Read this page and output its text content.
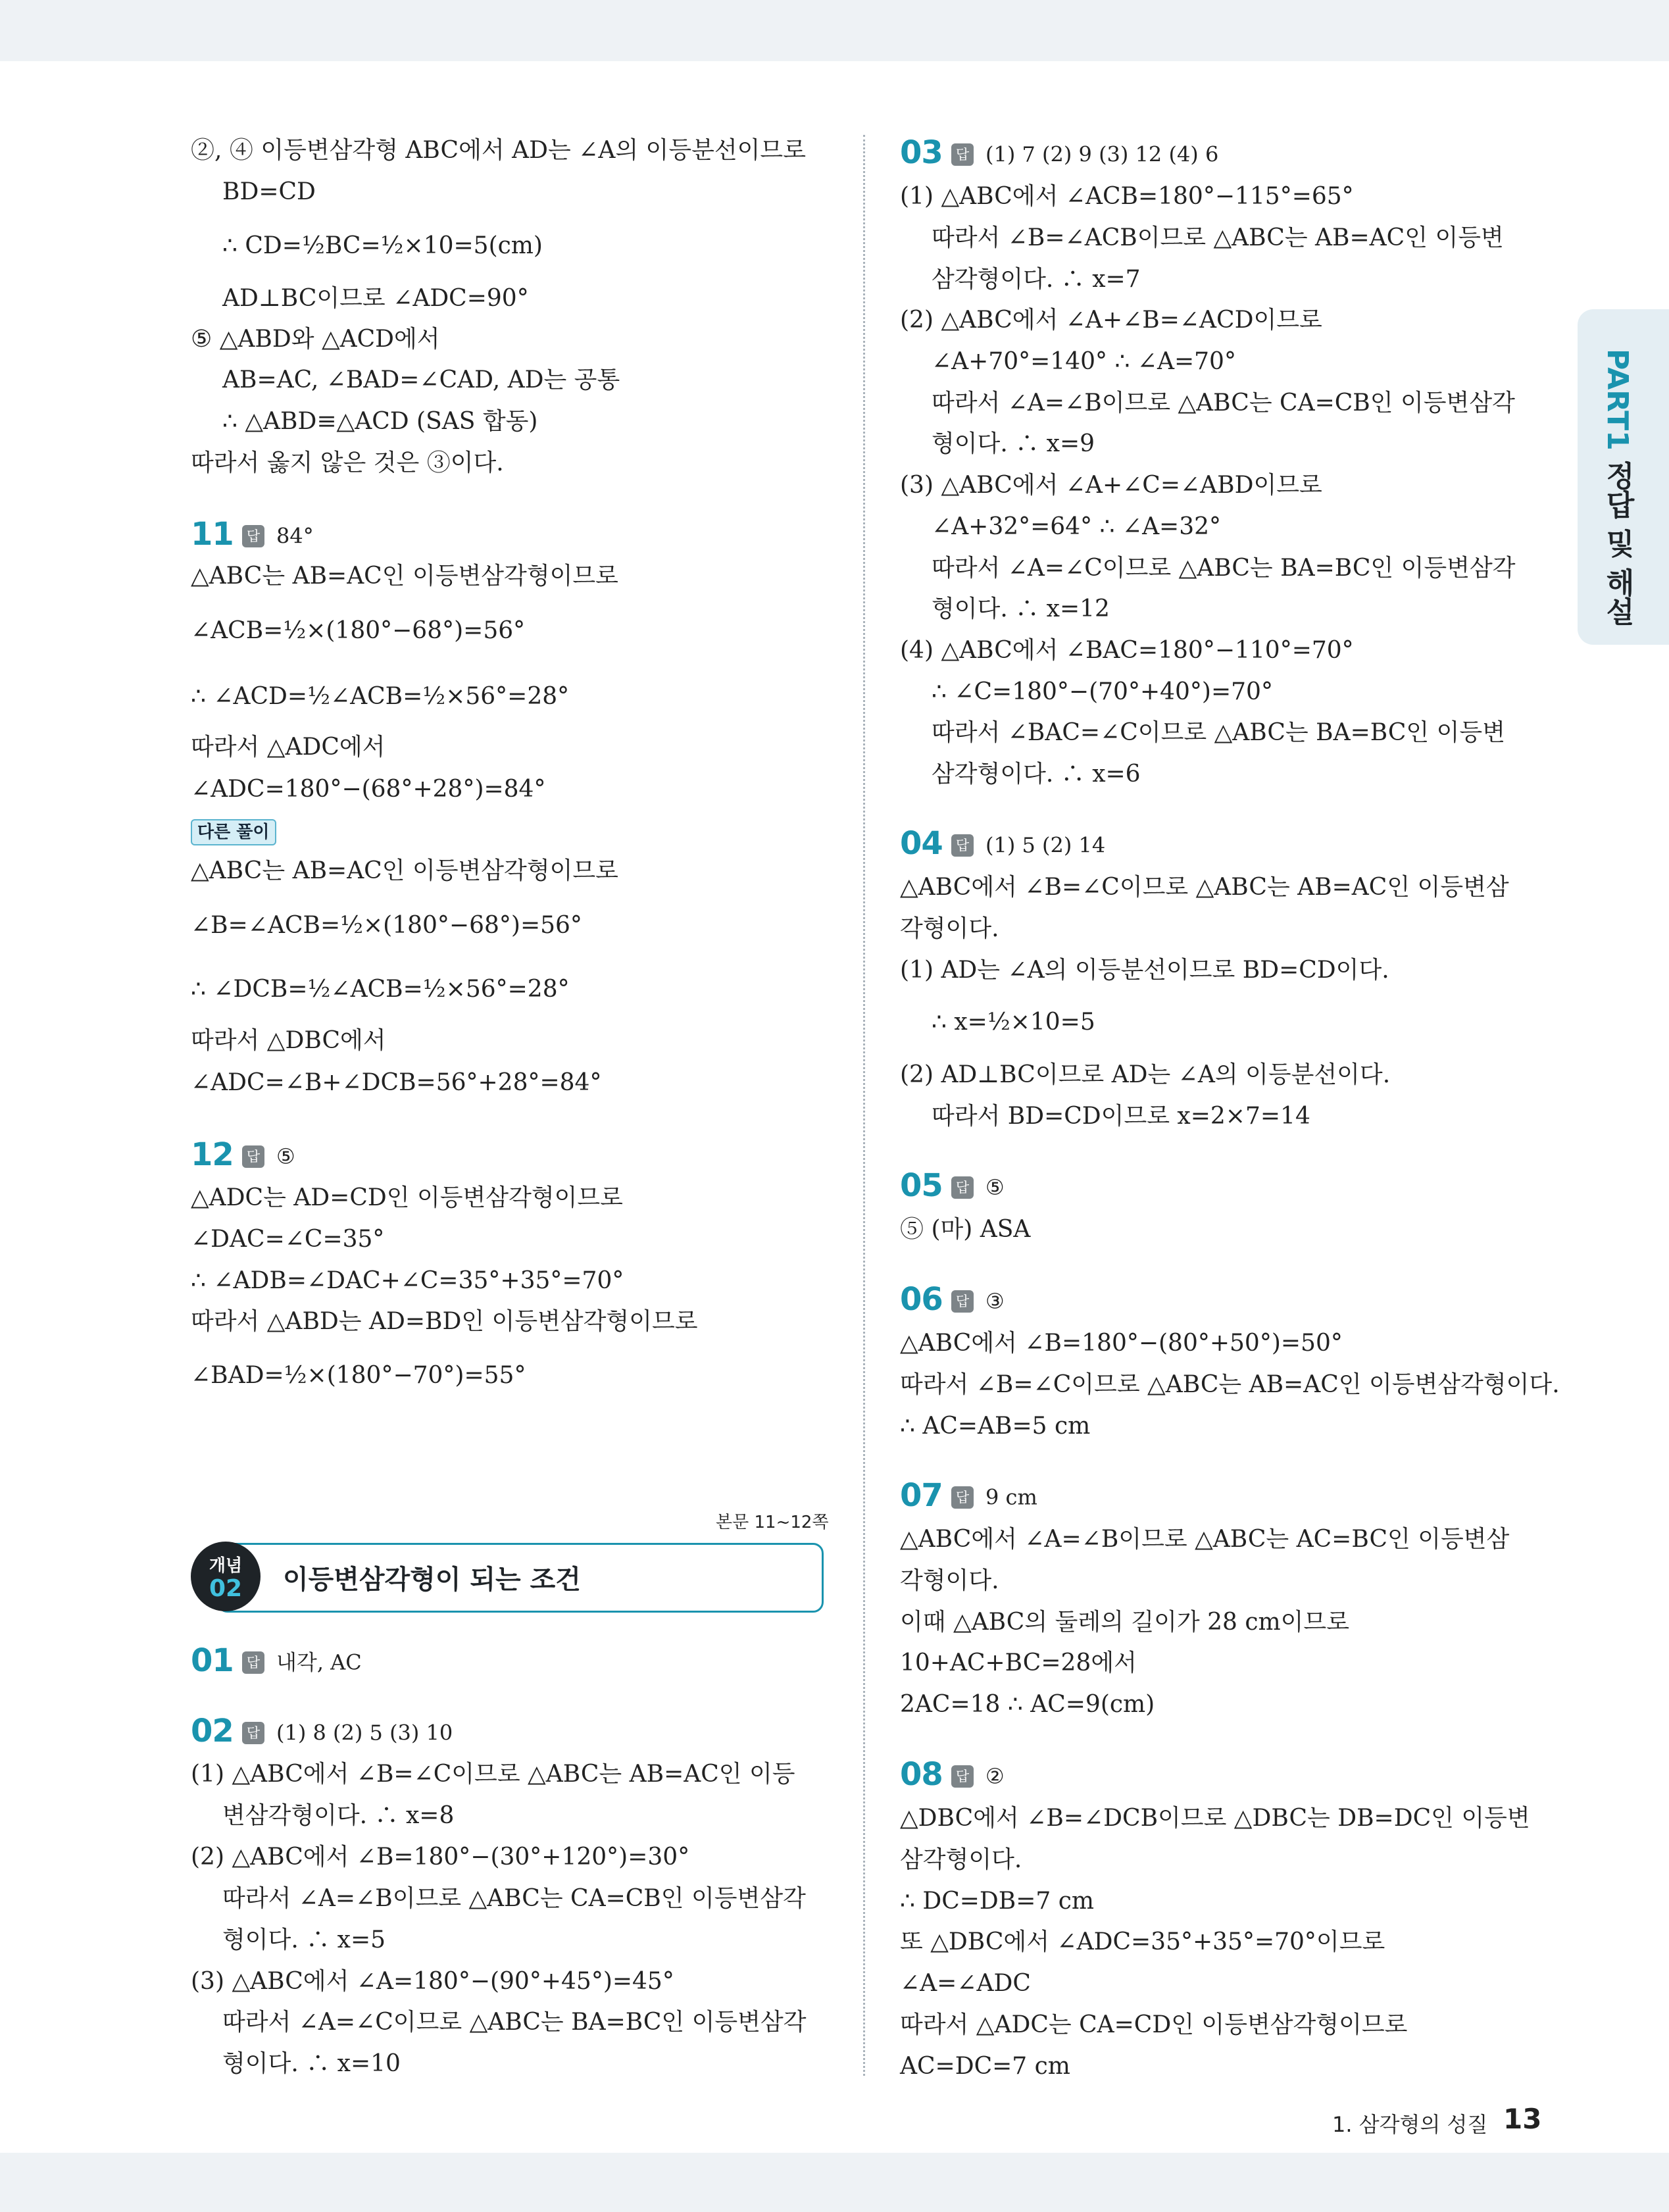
②, ④ 이등변삼각형 ABC에서 AD는 ∠A의 이등분선이므로
BD=CD
∴ CD=½BC=½×10=5(cm)
AD⊥BC이므로 ∠ADC=90°
⑤ △ABD와 △ACD에서
AB=AC, ∠BAD=∠CAD, AD는 공통
∴ △ABD≡△ACD (SAS 합동)
따라서 옳지 않은 것은 ③이다.
11 답 84°
△ABC는 AB=AC인 이등변삼각형이므로
∠ACB=½×(180°−68°)=56°
∴ ∠ACD=½∠ACB=½×56°=28°
따라서 △ADC에서
∠ADC=180°−(68°+28°)=84°
다른 풀이
△ABC는 AB=AC인 이등변삼각형이므로
∠B=∠ACB=½×(180°−68°)=56°
∴ ∠DCB=½∠ACB=½×56°=28°
따라서 △DBC에서
∠ADC=∠B+∠DCB=56°+28°=84°
12 답 ⑤
△ADC는 AD=CD인 이등변삼각형이므로
∠DAC=∠C=35°
∴ ∠ADB=∠DAC+∠C=35°+35°=70°
따라서 △ABD는 AD=BD인 이등변삼각형이므로
∠BAD=½×(180°−70°)=55°
본문 11~12쪽
개념
02	이등변삼각형이 되는 조건
01 답 내각, AC
02 답 (1) 8 (2) 5 (3) 10
(1) △ABC에서 ∠B=∠C이므로 △ABC는 AB=AC인 이등
변삼각형이다. ∴ x=8
(2) △ABC에서 ∠B=180°−(30°+120°)=30°
따라서 ∠A=∠B이므로 △ABC는 CA=CB인 이등변삼각
형이다. ∴ x=5
(3) △ABC에서 ∠A=180°−(90°+45°)=45°
따라서 ∠A=∠C이므로 △ABC는 BA=BC인 이등변삼각
형이다. ∴ x=10
03 답 (1) 7 (2) 9 (3) 12 (4) 6
(1) △ABC에서 ∠ACB=180°−115°=65°
따라서 ∠B=∠ACB이므로 △ABC는 AB=AC인 이등변
삼각형이다. ∴ x=7
(2) △ABC에서 ∠A+∠B=∠ACD이므로
∠A+70°=140° ∴ ∠A=70°
따라서 ∠A=∠B이므로 △ABC는 CA=CB인 이등변삼각
형이다. ∴ x=9
(3) △ABC에서 ∠A+∠C=∠ABD이므로
∠A+32°=64° ∴ ∠A=32°
따라서 ∠A=∠C이므로 △ABC는 BA=BC인 이등변삼각
형이다. ∴ x=12
(4) △ABC에서 ∠BAC=180°−110°=70°
∴ ∠C=180°−(70°+40°)=70°
따라서 ∠BAC=∠C이므로 △ABC는 BA=BC인 이등변
삼각형이다. ∴ x=6
04 답 (1) 5 (2) 14
△ABC에서 ∠B=∠C이므로 △ABC는 AB=AC인 이등변삼
각형이다.
(1) AD는 ∠A의 이등분선이므로 BD=CD이다.
∴ x=½×10=5
(2) AD⊥BC이므로 AD는 ∠A의 이등분선이다.
따라서 BD=CD이므로 x=2×7=14
05 답 ⑤
⑤ (마) ASA
06 답 ③
△ABC에서 ∠B=180°−(80°+50°)=50°
따라서 ∠B=∠C이므로 △ABC는 AB=AC인 이등변삼각형이다.
∴ AC=AB=5 cm
07 답 9 cm
△ABC에서 ∠A=∠B이므로 △ABC는 AC=BC인 이등변삼
각형이다.
이때 △ABC의 둘레의 길이가 28 cm이므로
10+AC+BC=28에서
2AC=18 ∴ AC=9(cm)
08 답 ②
△DBC에서 ∠B=∠DCB이므로 △DBC는 DB=DC인 이등변
삼각형이다.
∴ DC=DB=7 cm
또 △DBC에서 ∠ADC=35°+35°=70°이므로
∠A=∠ADC
따라서 △ADC는 CA=CD인 이등변삼각형이므로
AC=DC=7 cm
PART1 정답 및 해설
1. 삼각형의 성질 13
